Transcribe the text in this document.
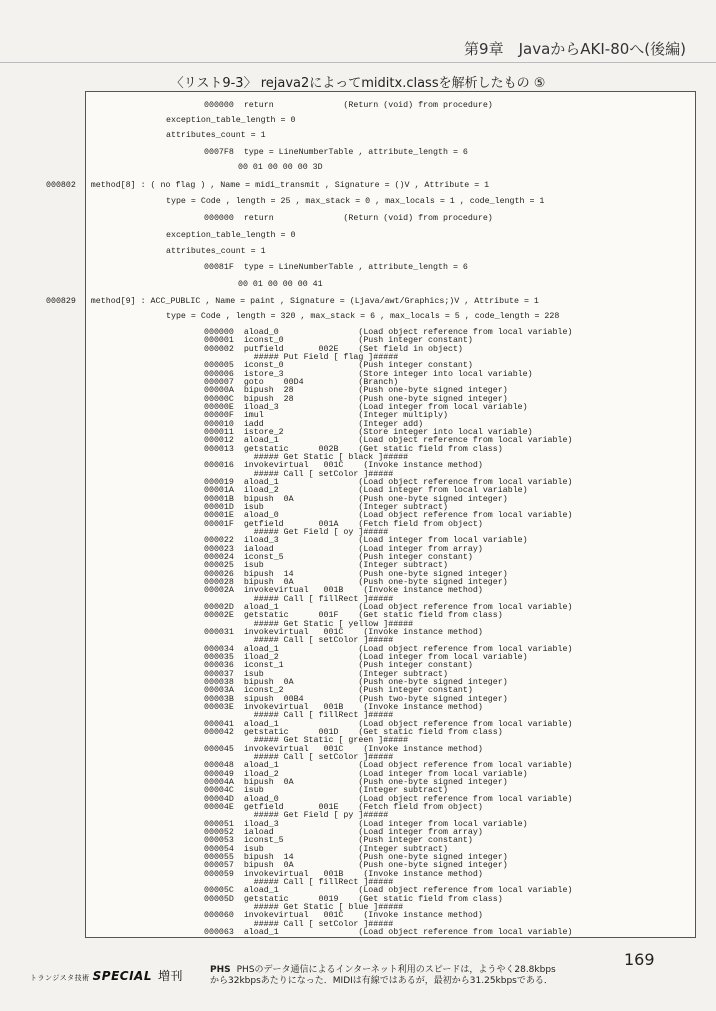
第9章　JavaからAKI-80へ(後編)
〈リスト9-3〉 rejava2によってmiditx.classを解析したもの ⑤
000000  return              (Return (void) from procedure)
exception_table_length = 0
attributes_count = 1
0007F8  type = LineNumberTable , attribute_length = 6
00 01 00 00 00 3D
000802   method[8] : ( no flag ) , Name = midi_transmit , Signature = ()V , Attribute = 1
type = Code , length = 25 , max_stack = 0 , max_locals = 1 , code_length = 1
000000  return              (Return (void) from procedure)
exception_table_length = 0
attributes_count = 1
00081F  type = LineNumberTable , attribute_length = 6
00 01 00 00 00 41
000829   method[9] : ACC_PUBLIC , Name = paint , Signature = (Ljava/awt/Graphics;)V , Attribute = 1
type = Code , length = 320 , max_stack = 6 , max_locals = 5 , code_length = 228
000000  aload_0                (Load object reference from local variable)
000001  iconst_0               (Push integer constant)
000002  putfield       002E    (Set field in object)
##### Put Field [ flag ]#####
000005  iconst_0               (Push integer constant)
000006  istore_3               (Store integer into local variable)
000007  goto    00D4           (Branch)
00000A  bipush  28             (Push one-byte signed integer)
00000C  bipush  28             (Push one-byte signed integer)
00000E  iload_3                (Load integer from local variable)
00000F  imul                   (Integer multiply)
000010  iadd                   (Integer add)
000011  istore_2               (Store integer into local variable)
000012  aload_1                (Load object reference from local variable)
000013  getstatic      002B    (Get static field from class)
##### Get Static [ black ]#####
000016  invokevirtual   001C    (Invoke instance method)
##### Call [ setColor ]#####
000019  aload_1                (Load object reference from local variable)
00001A  iload_2                (Load integer from local variable)
00001B  bipush  0A             (Push one-byte signed integer)
00001D  isub                   (Integer subtract)
00001E  aload_0                (Load object reference from local variable)
00001F  getfield       001A    (Fetch field from object)
##### Get Field [ oy ]#####
000022  iload_3                (Load integer from local variable)
000023  iaload                 (Load integer from array)
000024  iconst_5               (Push integer constant)
000025  isub                   (Integer subtract)
000026  bipush  14             (Push one-byte signed integer)
000028  bipush  0A             (Push one-byte signed integer)
00002A  invokevirtual   001B    (Invoke instance method)
##### Call [ fillRect ]#####
00002D  aload_1                (Load object reference from local variable)
00002E  getstatic      001F    (Get static field from class)
##### Get Static [ yellow ]#####
000031  invokevirtual   001C    (Invoke instance method)
##### Call [ setColor ]#####
000034  aload_1                (Load object reference from local variable)
000035  iload_2                (Load integer from local variable)
000036  iconst_1               (Push integer constant)
000037  isub                   (Integer subtract)
000038  bipush  0A             (Push one-byte signed integer)
00003A  iconst_2               (Push integer constant)
00003B  sipush  00B4           (Push two-byte signed integer)
00003E  invokevirtual   001B    (Invoke instance method)
##### Call [ fillRect ]#####
000041  aload_1                (Load object reference from local variable)
000042  getstatic      001D    (Get static field from class)
##### Get Static [ green ]#####
000045  invokevirtual   001C    (Invoke instance method)
##### Call [ setColor ]#####
000048  aload_1                (Load object reference from local variable)
000049  iload_2                (Load integer from local variable)
00004A  bipush  0A             (Push one-byte signed integer)
00004C  isub                   (Integer subtract)
00004D  aload_0                (Load object reference from local variable)
00004E  getfield       001E    (Fetch field from object)
##### Get Field [ py ]#####
000051  iload_3                (Load integer from local variable)
000052  iaload                 (Load integer from array)
000053  iconst_5               (Push integer constant)
000054  isub                   (Integer subtract)
000055  bipush  14             (Push one-byte signed integer)
000057  bipush  0A             (Push one-byte signed integer)
000059  invokevirtual   001B    (Invoke instance method)
##### Call [ fillRect ]#####
00005C  aload_1                (Load object reference from local variable)
00005D  getstatic      0019    (Get static field from class)
##### Get Static [ blue ]#####
000060  invokevirtual   001C    (Invoke instance method)
##### Call [ setColor ]#####
000063  aload_1                (Load object reference from local variable)
169
トランジスタ技術 SPECIAL 増刊	PHS PHSのデータ通信によるインターネット利用のスピードは，ようやく28.8kbps
から32kbpsあたりになった．MIDIは有線ではあるが，最初から31.25kbpsである．
